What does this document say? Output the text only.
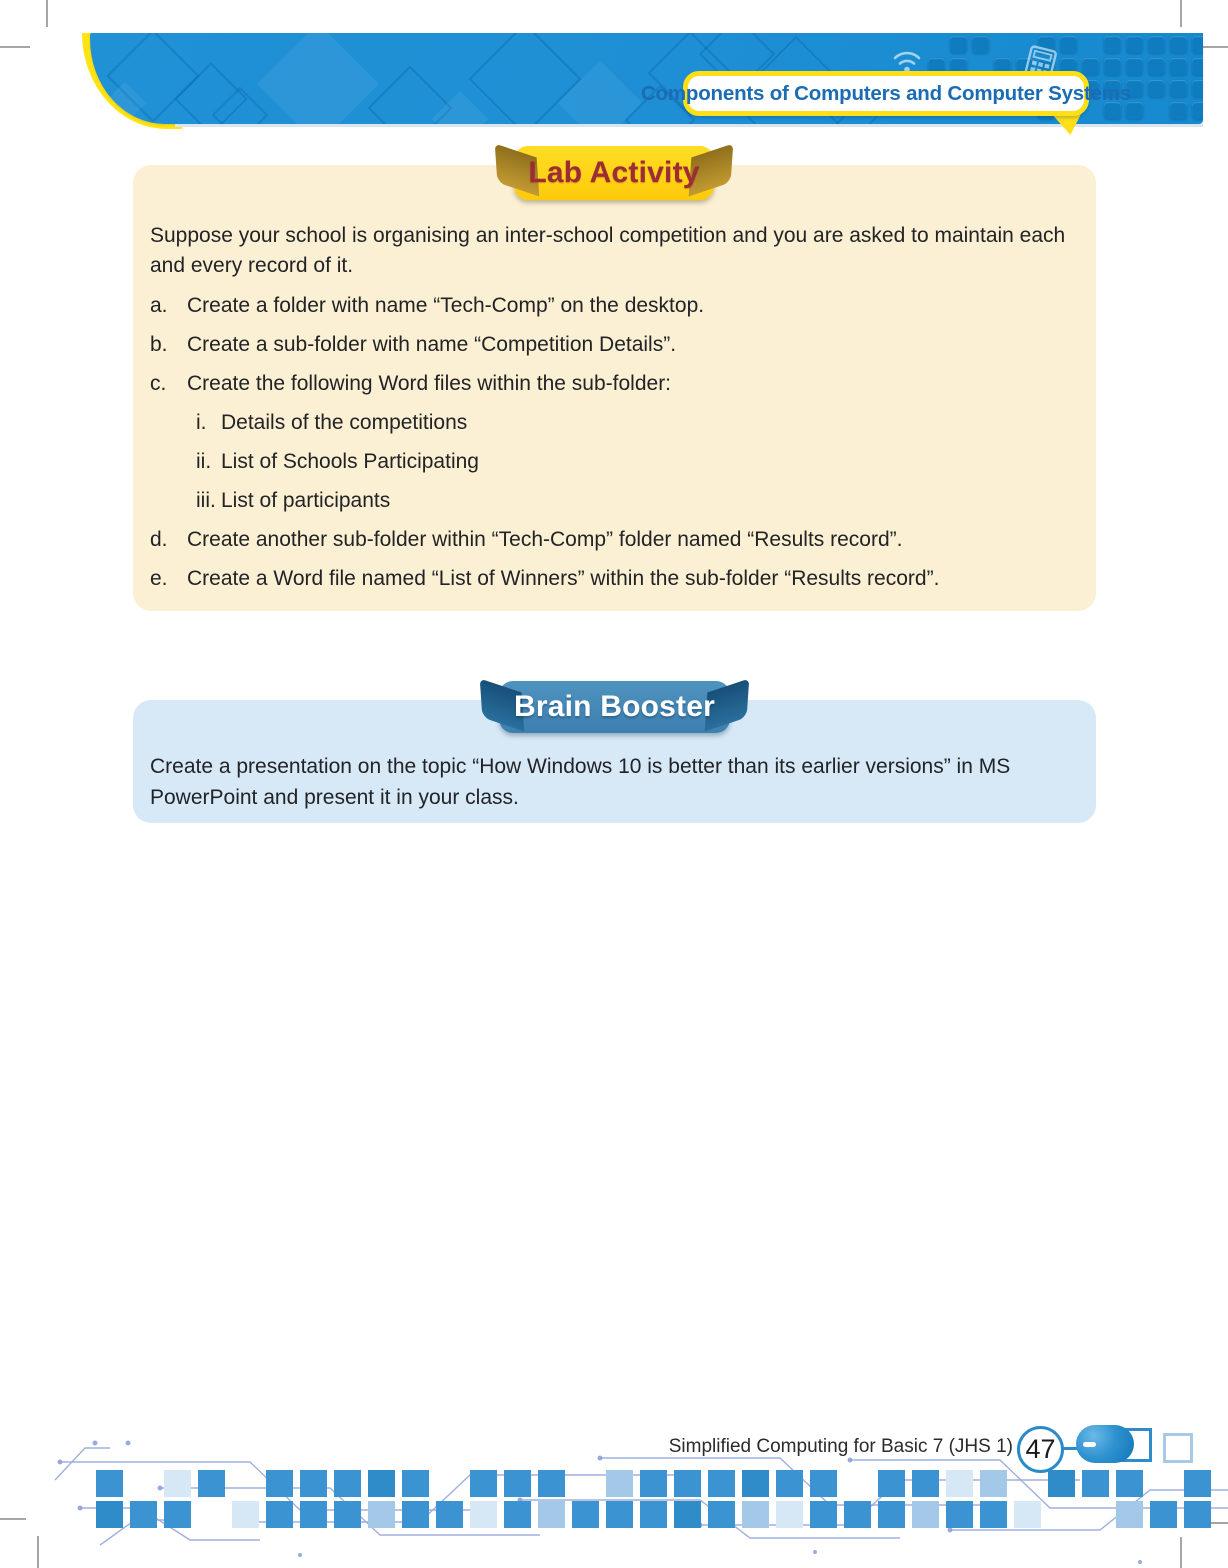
Components of Computers and Computer Systems
Lab Activity

Suppose your school is organising an inter-school competition and you are asked to maintain each and every record of it.

a. Create a folder with name “Tech-Comp” on the desktop.
b. Create a sub-folder with name “Competition Details”.
c. Create the following Word files within the sub-folder:
i. Details of the competitions
ii. List of Schools Participating
iii. List of participants
d. Create another sub-folder within “Tech-Comp” folder named “Results record”.
e. Create a Word file named “List of Winners” within the sub-folder “Results record”.
Brain Booster

Create a presentation on the topic “How Windows 10 is better than its earlier versions” in MS PowerPoint and present it in your class.

Simplified Computing for Basic 7 (JHS 1) 47
